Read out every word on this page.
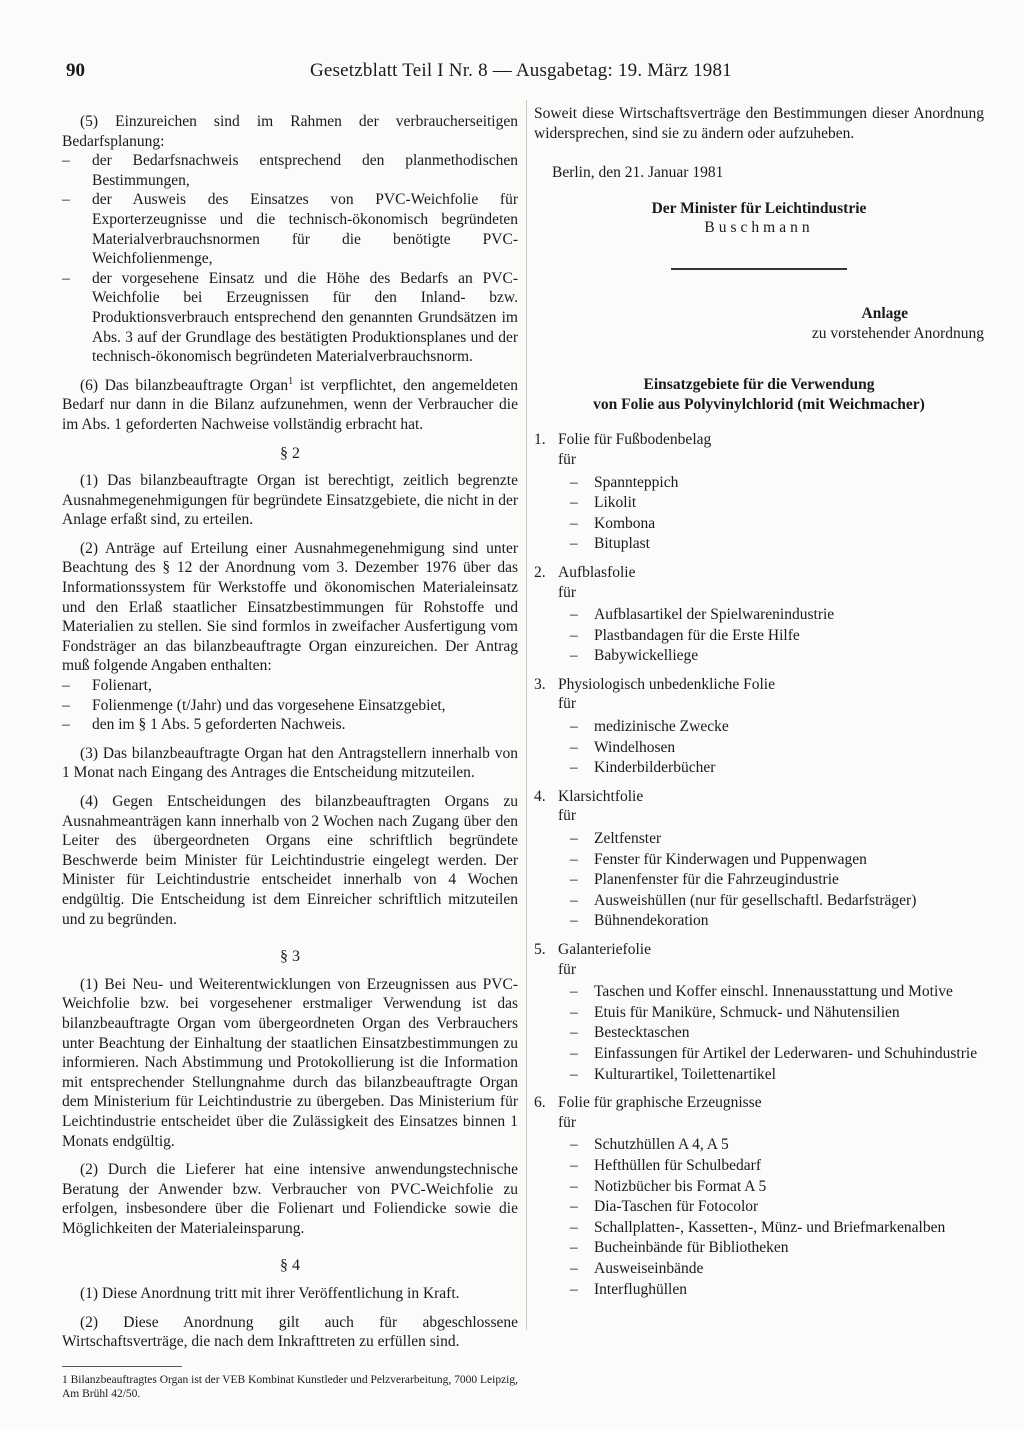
90	Gesetzblatt Teil I Nr. 8 — Ausgabetag: 19. März 1981

(5) Einzureichen sind im Rahmen der verbraucherseitigen Bedarfsplanung:

– der Bedarfsnachweis entsprechend den planmethodischen Bestimmungen,
– der Ausweis des Einsatzes von PVC-Weichfolie für Exporterzeugnisse und die technisch-ökonomisch begründeten Materialverbrauchsnormen für die benötigte PVC-Weichfolienmenge,
– der vorgesehene Einsatz und die Höhe des Bedarfs an PVC-Weichfolie bei Erzeugnissen für den Inland- bzw. Produktionsverbrauch entsprechend den genannten Grundsätzen im Abs. 3 auf der Grundlage des bestätigten Produktionsplanes und der technisch-ökonomisch begründeten Materialverbrauchsnorm.

(6) Das bilanzbeauftragte Organ$^1$ ist verpflichtet, den angemeldeten Bedarf nur dann in die Bilanz aufzunehmen, wenn der Verbraucher die im Abs. 1 geforderten Nachweise vollständig erbracht hat.

§ 2

(1) Das bilanzbeauftragte Organ ist berechtigt, zeitlich begrenzte Ausnahmegenehmigungen für begründete Einsatzgebiete, die nicht in der Anlage erfaßt sind, zu erteilen.

(2) Anträge auf Erteilung einer Ausnahmegenehmigung sind unter Beachtung des § 12 der Anordnung vom 3. Dezember 1976 über das Informationssystem für Werkstoffe und ökonomischen Materialeinsatz und den Erlaß staatlicher Einsatzbestimmungen für Rohstoffe und Materialien zu stellen. Sie sind formlos in zweifacher Ausfertigung vom Fondsträger an das bilanzbeauftragte Organ einzureichen. Der Antrag muß folgende Angaben enthalten:

– Folienart,
– Folienmenge (t/Jahr) und das vorgesehene Einsatzgebiet,
– den im § 1 Abs. 5 geforderten Nachweis.

(3) Das bilanzbeauftragte Organ hat den Antragstellern innerhalb von 1 Monat nach Eingang des Antrages die Entscheidung mitzuteilen.

(4) Gegen Entscheidungen des bilanzbeauftragten Organs zu Ausnahmeanträgen kann innerhalb von 2 Wochen nach Zugang über den Leiter des übergeordneten Organs eine schriftlich begründete Beschwerde beim Minister für Leichtindustrie eingelegt werden. Der Minister für Leichtindustrie entscheidet innerhalb von 4 Wochen endgültig. Die Entscheidung ist dem Einreicher schriftlich mitzuteilen und zu begründen.

§ 3

(1) Bei Neu- und Weiterentwicklungen von Erzeugnissen aus PVC-Weichfolie bzw. bei vorgesehener erstmaliger Verwendung ist das bilanzbeauftragte Organ vom übergeordneten Organ des Verbrauchers unter Beachtung der Einhaltung der staatlichen Einsatzbestimmungen zu informieren. Nach Abstimmung und Protokollierung ist die Information mit entsprechender Stellungnahme durch das bilanzbeauftragte Organ dem Ministerium für Leichtindustrie zu übergeben. Das Ministerium für Leichtindustrie entscheidet über die Zulässigkeit des Einsatzes binnen 1 Monats endgültig.

(2) Durch die Lieferer hat eine intensive anwendungstechnische Beratung der Anwender bzw. Verbraucher von PVC-Weichfolie zu erfolgen, insbesondere über die Folienart und Foliendicke sowie die Möglichkeiten der Materialeinsparung.

§ 4

(1) Diese Anordnung tritt mit ihrer Veröffentlichung in Kraft.

(2) Diese Anordnung gilt auch für abgeschlossene Wirtschaftsverträge, die nach dem Inkrafttreten zu erfüllen sind.

1 Bilanzbeauftragtes Organ ist der VEB Kombinat Kunstleder und Pelzverarbeitung, 7000 Leipzig, Am Brühl 42/50.

Soweit diese Wirtschaftsverträge den Bestimmungen dieser Anordnung widersprechen, sind sie zu ändern oder aufzuheben.

Berlin, den 21. Januar 1981

Der Minister für Leichtindustrie

Buschmann

Anlage

zu vorstehender Anordnung

Einsatzgebiete für die Verwendung
von Folie aus Polyvinylchlorid (mit Weichmacher)
1. Folie für Fußbodenbelag
für
– Spannteppich
– Likolit
– Kombona
– Bituplast
2. Aufblasfolie
für
– Aufblasartikel der Spielwarenindustrie
– Plastbandagen für die Erste Hilfe
– Babywickelliege
3. Physiologisch unbedenkliche Folie
für
– medizinische Zwecke
– Windelhosen
– Kinderbilderbücher
4. Klarsichtfolie
für
– Zeltfenster
– Fenster für Kinderwagen und Puppenwagen
– Planenfenster für die Fahrzeugindustrie
– Ausweishüllen (nur für gesellschaftl. Bedarfsträger)
– Bühnendekoration
5. Galanteriefolie
für
– Taschen und Koffer einschl. Innenausstattung und Motive
– Etuis für Maniküre, Schmuck- und Nähutensilien
– Bestecktaschen
– Einfassungen für Artikel der Lederwaren- und Schuhindustrie
– Kulturartikel, Toilettenartikel
6. Folie für graphische Erzeugnisse
für
– Schutzhüllen A 4, A 5
– Hefthüllen für Schulbedarf
– Notizbücher bis Format A 5
– Dia-Taschen für Fotocolor
– Schallplatten-, Kassetten-, Münz- und Briefmarkenalben
– Bucheinbände für Bibliotheken
– Ausweiseinbände
– Interflughüllen
